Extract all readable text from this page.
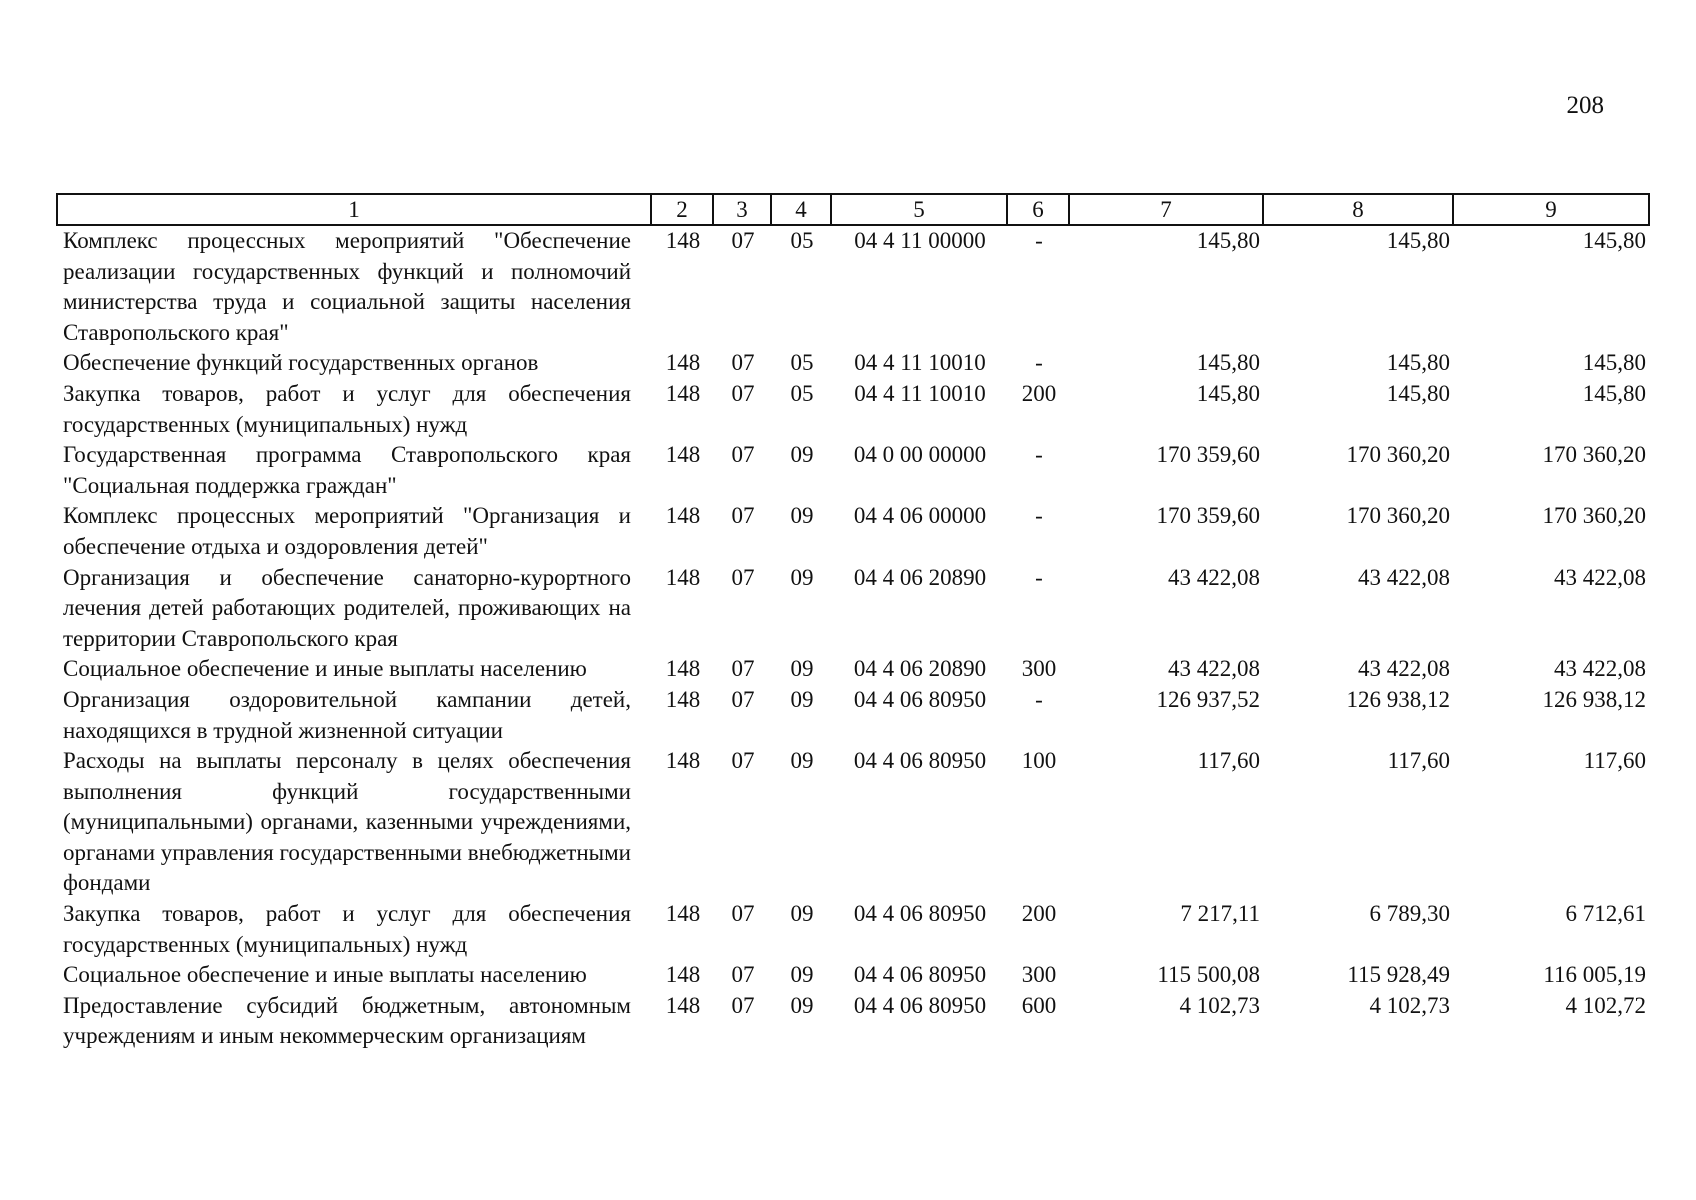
208
1	2	3	4	5	6	7	8	9
Комплекс процессных мероприятий "Обеспечение реализации государственных функций и полномочий министерства труда и социальной защиты населения Ставропольского края"	148	07	05	04 4 11 00000	-	145,80	145,80	145,80
Обеспечение функций государственных органов	148	07	05	04 4 11 10010	-	145,80	145,80	145,80
Закупка товаров, работ и услуг для обеспечения государственных (муниципальных) нужд	148	07	05	04 4 11 10010	200	145,80	145,80	145,80
Государственная программа Ставропольского края "Социальная поддержка граждан"	148	07	09	04 0 00 00000	-	170 359,60	170 360,20	170 360,20
Комплекс процессных мероприятий "Организация и обеспечение отдыха и оздоровления детей"	148	07	09	04 4 06 00000	-	170 359,60	170 360,20	170 360,20
Организация и обеспечение санаторно-курортного лечения детей работающих родителей, проживающих на территории Ставропольского края	148	07	09	04 4 06 20890	-	43 422,08	43 422,08	43 422,08
Социальное обеспечение и иные выплаты населению	148	07	09	04 4 06 20890	300	43 422,08	43 422,08	43 422,08
Организация оздоровительной кампании детей, находящихся в трудной жизненной ситуации	148	07	09	04 4 06 80950	-	126 937,52	126 938,12	126 938,12
Расходы на выплаты персоналу в целях обеспечения выполнения функций государственными (муниципальными) органами, казенными учреждениями, органами управления государственными внебюджетными фондами	148	07	09	04 4 06 80950	100	117,60	117,60	117,60
Закупка товаров, работ и услуг для обеспечения государственных (муниципальных) нужд	148	07	09	04 4 06 80950	200	7 217,11	6 789,30	6 712,61
Социальное обеспечение и иные выплаты населению	148	07	09	04 4 06 80950	300	115 500,08	115 928,49	116 005,19
Предоставление субсидий бюджетным, автономным учреждениям и иным некоммерческим организациям	148	07	09	04 4 06 80950	600	4 102,73	4 102,73	4 102,72
